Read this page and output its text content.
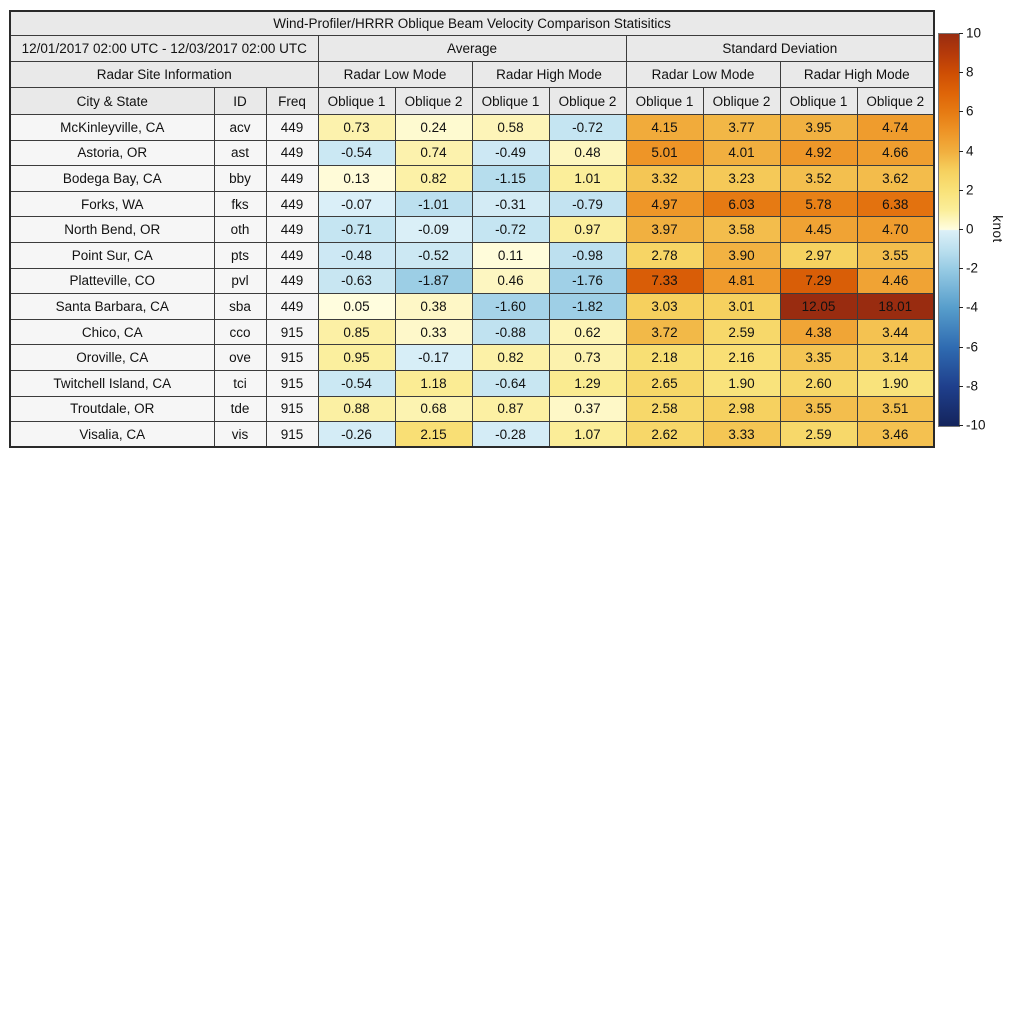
Wind-Profiler/HRRR Oblique Beam Velocity Comparison Statisitics										
12/01/2017 02:00 UTC - 12/03/2017 02:00 UTC			Average				Standard Deviation			
Radar Site Information			Radar Low Mode		Radar High Mode		Radar Low Mode		Radar High Mode	
City & State	ID	Freq	Oblique 1	Oblique 2	Oblique 1	Oblique 2	Oblique 1	Oblique 2	Oblique 1	Oblique 2
McKinleyville, CA	acv	449	0.73	0.24	0.58	-0.72	4.15	3.77	3.95	4.74
Astoria, OR	ast	449	-0.54	0.74	-0.49	0.48	5.01	4.01	4.92	4.66
Bodega Bay, CA	bby	449	0.13	0.82	-1.15	1.01	3.32	3.23	3.52	3.62
Forks, WA	fks	449	-0.07	-1.01	-0.31	-0.79	4.97	6.03	5.78	6.38
North Bend, OR	oth	449	-0.71	-0.09	-0.72	0.97	3.97	3.58	4.45	4.70
Point Sur, CA	pts	449	-0.48	-0.52	0.11	-0.98	2.78	3.90	2.97	3.55
Platteville, CO	pvl	449	-0.63	-1.87	0.46	-1.76	7.33	4.81	7.29	4.46
Santa Barbara, CA	sba	449	0.05	0.38	-1.60	-1.82	3.03	3.01	12.05	18.01
Chico, CA	cco	915	0.85	0.33	-0.88	0.62	3.72	2.59	4.38	3.44
Oroville, CA	ove	915	0.95	-0.17	0.82	0.73	2.18	2.16	3.35	3.14
Twitchell Island, CA	tci	915	-0.54	1.18	-0.64	1.29	2.65	1.90	2.60	1.90
Troutdale, OR	tde	915	0.88	0.68	0.87	0.37	2.58	2.98	3.55	3.51
Visalia, CA	vis	915	-0.26	2.15	-0.28	1.07	2.62	3.33	2.59	3.46
10
8
6
4
2
0
-2
-4
-6
-8
-10
knot
